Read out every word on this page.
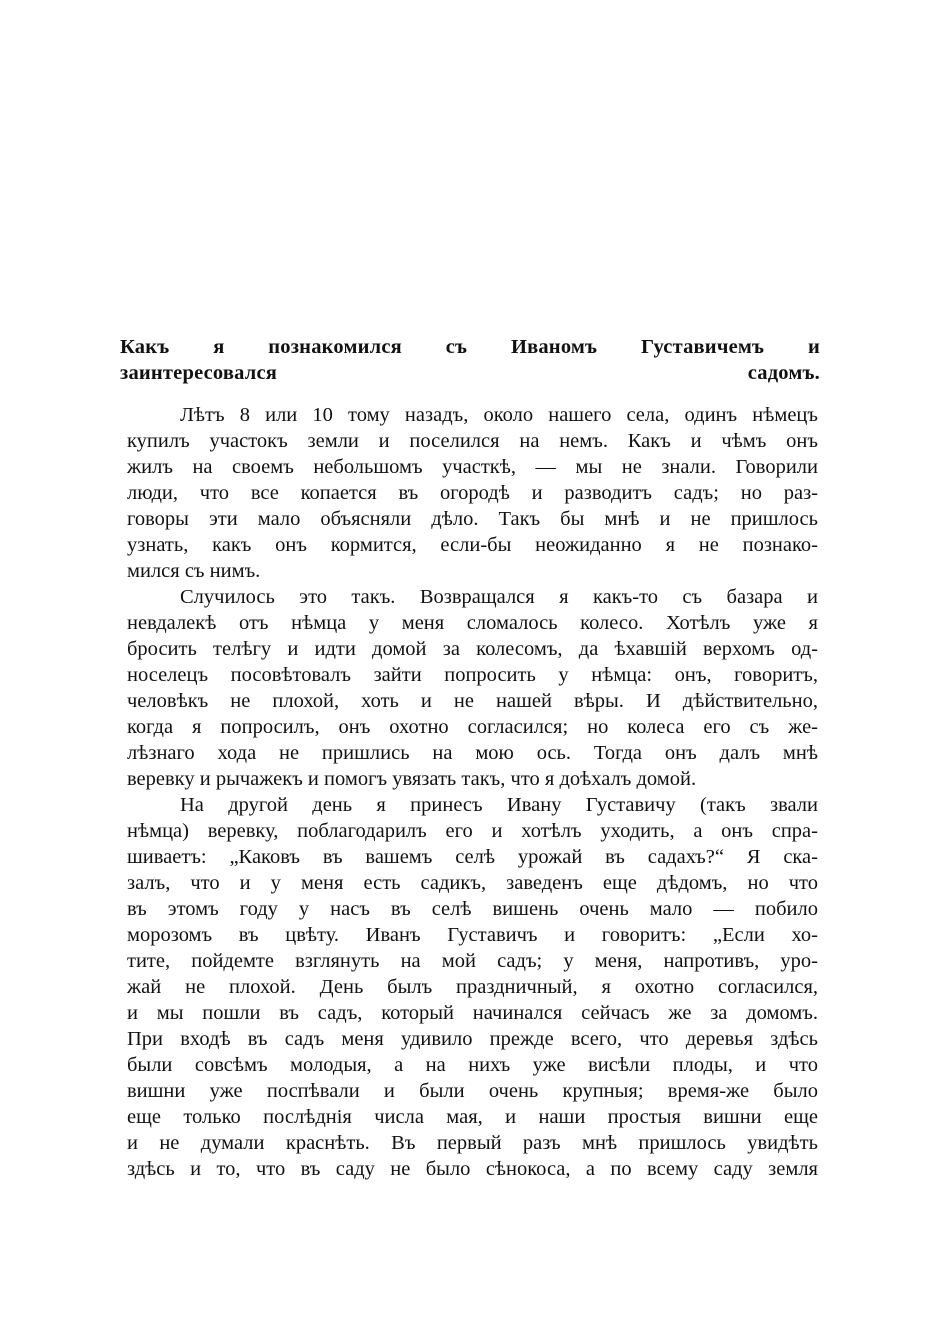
Какъ я познакомился съ Иваномъ Густавичемъ и
заинтересовался садомъ.
Лѣтъ 8 или 10 тому назадъ, около нашего села, одинъ нѣмецъ
купилъ участокъ земли и поселился на немъ. Какъ и чѣмъ онъ
жилъ на своемъ небольшомъ участкѣ, — мы не знали. Говорили
люди, что все копается въ огородѣ и разводитъ садъ; но раз-
говоры эти мало объясняли дѣло. Такъ бы мнѣ и не пришлось
узнать, какъ онъ кормится, если-бы неожиданно я не познако-
мился съ нимъ.
Случилось это такъ. Возвращался я какъ-то съ базара и
невдалекѣ отъ нѣмца у меня сломалось колесо. Хотѣлъ уже я
бросить телѣгу и идти домой за колесомъ, да ѣхавшій верхомъ од-
носелецъ посовѣтовалъ зайти попросить у нѣмца: онъ, говоритъ,
человѣкъ не плохой, хоть и не нашей вѣры. И дѣйствительно,
когда я попросилъ, онъ охотно согласился; но колеса его съ же-
лѣзнаго хода не пришлись на мою ось. Тогда онъ далъ мнѣ
веревку и рычажекъ и помогъ увязать такъ, что я доѣхалъ домой.
На другой день я принесъ Ивану Густавичу (такъ звали
нѣмца) веревку, поблагодарилъ его и хотѣлъ уходить, а онъ спра-
шиваетъ: „Каковъ въ вашемъ селѣ урожай въ садахъ?“ Я ска-
залъ, что и у меня есть садикъ, заведенъ еще дѣдомъ, но что
въ этомъ году у насъ въ селѣ вишень очень мало — побило
морозомъ въ цвѣту. Иванъ Густавичъ и говоритъ: „Если хо-
тите, пойдемте взглянуть на мой садъ; у меня, напротивъ, уро-
жай не плохой. День былъ праздничный, я охотно согласился,
и мы пошли въ садъ, который начинался сейчасъ же за домомъ.
При входѣ въ садъ меня удивило прежде всего, что деревья здѣсь
были совсѣмъ молодыя, а на нихъ уже висѣли плоды, и что
вишни уже поспѣвали и были очень крупныя; время-же было
еще только послѣднія числа мая, и наши простыя вишни еще
и не думали краснѣть. Въ первый разъ мнѣ пришлось увидѣть
здѣсь и то, что въ саду не было сѣнокоса, а по всему саду земля
